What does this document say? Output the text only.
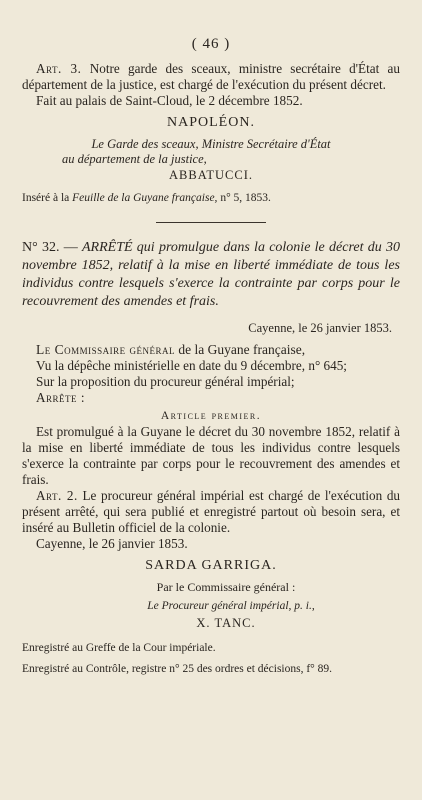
( 46 )

Art. 3. Notre garde des sceaux, ministre secrétaire d'État au département de la justice, est chargé de l'exécution du présent décret.

Fait au palais de Saint-Cloud, le 2 décembre 1852.

NAPOLÉON.
Le Garde des sceaux, Ministre Secrétaire d'État
au département de la justice,
ABBATUCCI.

Inséré à la Feuille de la Guyane française, n° 5, 1853.

N° 32. — ARRÊTÉ qui promulgue dans la colonie le décret du 30 novembre 1852, relatif à la mise en liberté immédiate de tous les individus contre lesquels s'exerce la contrainte par corps pour le recouvrement des amendes et frais.

Cayenne, le 26 janvier 1853.

Le Commissaire général de la Guyane française,

Vu la dépêche ministérielle en date du 9 décembre, n° 645;

Sur la proposition du procureur général impérial;

Arrête :

Article premier.

Est promulgué à la Guyane le décret du 30 novembre 1852, relatif à la mise en liberté immédiate de tous les individus contre lesquels s'exerce la contrainte par corps pour le recouvrement des amendes et frais.

Art. 2. Le procureur général impérial est chargé de l'exécution du présent arrêté, qui sera publié et enregistré partout où besoin sera, et inséré au Bulletin officiel de la colonie.

Cayenne, le 26 janvier 1853.

SARDA GARRIGA.
Par le Commissaire général :
Le Procureur général impérial, p. i.,
X. TANC.

Enregistré au Greffe de la Cour impériale.

Enregistré au Contrôle, registre n° 25 des ordres et décisions, f° 89.
